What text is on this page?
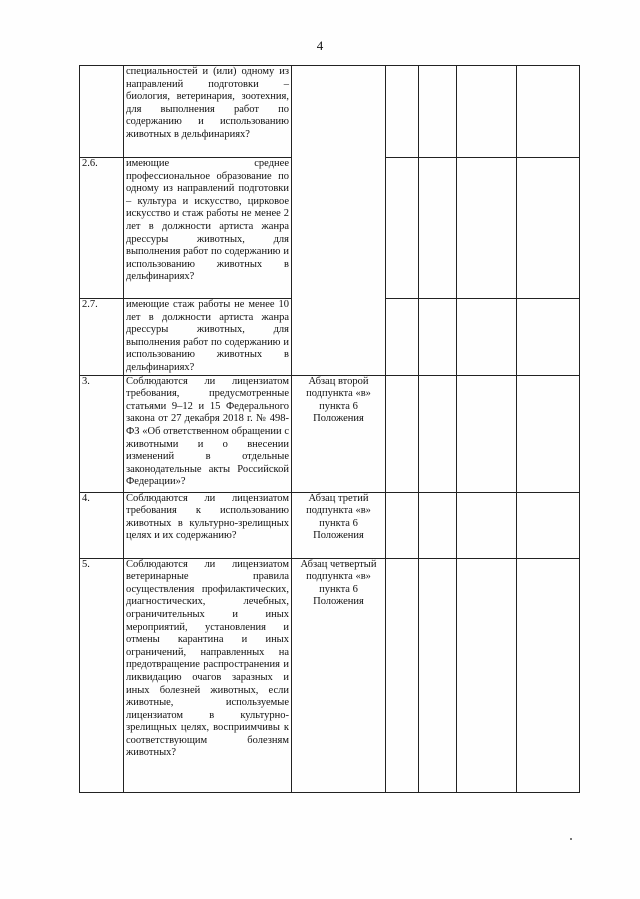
4
	специальностей и (или) одному из направлений подготовки – биология, ветеринария, зоотехния, для выполнения работ по содержанию и использованию животных в дельфинариях?					
2.6.	имеющие среднее профессиональное образование по одному из направлений подготовки – культура и искусство, цирковое искусство и стаж работы не менее 2 лет в должности артиста жанра дрессуры животных, для выполнения работ по содержанию и использованию животных в дельфинариях?					
2.7.	имеющие стаж работы не менее 10 лет в должности артиста жанра дрессуры животных, для выполнения работ по содержанию и использованию животных в дельфинариях?					
3.	Соблюдаются ли лицензиатом требования, предусмотренные статьями 9–12 и 15 Федерального закона от 27 декабря 2018 г. № 498-ФЗ «Об ответственном обращении с животными и о внесении изменений в отдельные законодательные акты Российской Федерации»?	Абзац второй подпункта «в» пункта 6 Положения				
4.	Соблюдаются ли лицензиатом требования к использованию животных в культурно-зрелищных целях и их содержанию?	Абзац третий подпункта «в» пункта 6 Положения				
5.	Соблюдаются ли лицензиатом ветеринарные правила осуществления профилактических, диагностических, лечебных, ограничительных и иных мероприятий, установления и отмены карантина и иных ограничений, направленных на предотвращение распространения и ликвидацию очагов заразных и иных болезней животных, если животные, используемые лицензиатом в культурно-зрелищных целях, восприимчивы к соответствующим болезням животных?	Абзац четвертый подпункта «в» пункта 6 Положения				
